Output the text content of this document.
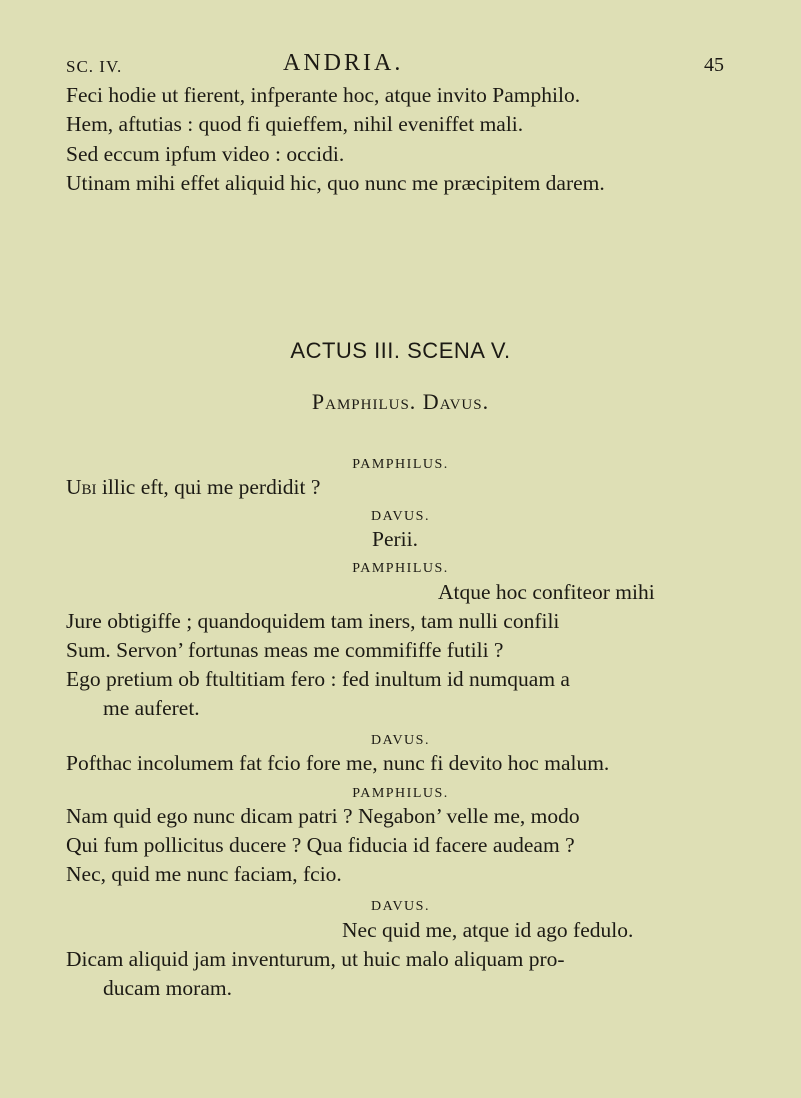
SC. IV.	ANDRIA.	45
Feci hodie ut fierent, infperante hoc, atque invito Pamphilo.
Hem, aftutias : quod fi quieffem, nihil eveniffet mali.
Sed eccum ipfum video : occidi.
Utinam mihi effet aliquid hic, quo nunc me præcipitem darem.
ACTUS III. SCENA V.
Pamphilus. Davus.
PAMPHILUS.
Ubi illic eft, qui me perdidit ?
DAVUS.
Perii.
PAMPHILUS.
Atque hoc confiteor mihi
Jure obtigiffe ; quandoquidem tam iners, tam nulli confili
Sum. Servon’ fortunas meas me commififfe futili ?
Ego pretium ob ftultitiam fero : fed inultum id numquam a
me auferet.
DAVUS.
Pofthac incolumem fat fcio fore me, nunc fi devito hoc malum.
PAMPHILUS.
Nam quid ego nunc dicam patri ? Negabon’ velle me, modo
Qui fum pollicitus ducere ? Qua fiducia id facere audeam ?
Nec, quid me nunc faciam, fcio.
DAVUS.
Nec quid me, atque id ago fedulo.
Dicam aliquid jam inventurum, ut huic malo aliquam pro-
ducam moram.
